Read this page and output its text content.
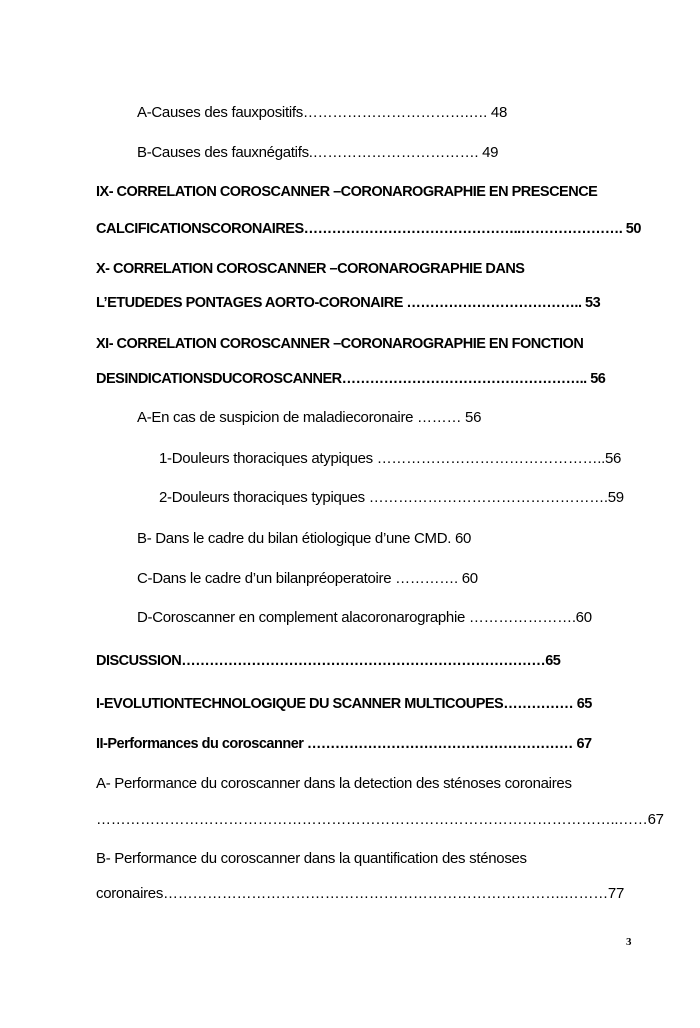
A-Causes des fauxpositifs…………………………….…. 48
B-Causes des fauxnégatifs.……………………………. 49
IX- CORRELATION COROSCANNER –CORONAROGRAPHIE EN PRESCENCE
CALCIFICATIONSCORONAIRES………………………………………..…………………. 50
X- CORRELATION COROSCANNER –CORONAROGRAPHIE DANS
L’ETUDEDES PONTAGES AORTO-CORONAIRE ……………………………….. 53
XI- CORRELATION COROSCANNER –CORONAROGRAPHIE EN FONCTION
DESINDICATIONSDUCOROSCANNER…………………………………………….. 56
A-En cas de suspicion de maladiecoronaire ……… 56
1-Douleurs thoraciques atypiques ………………………………………..56
2-Douleurs thoraciques typiques ………………………………………….59
B- Dans le cadre du bilan étiologique d’une CMD. 60
C-Dans le cadre d’un bilanpréoperatoire …………. 60
D-Coroscanner en complement alacoronarographie ………………….60
DISCUSSION……………………………………………………………………65
I-EVOLUTIONTECHNOLOGIQUE DU SCANNER MULTICOUPES…………… 65
II-Performances du coroscanner ………………………………………………… 67
A- Performance du coroscanner dans la detection des sténoses coronaires
……………………………………………………………………………………………..……67
B- Performance du coroscanner dans la quantification des sténoses
coronaires……………………………………………………………………….………77
3
